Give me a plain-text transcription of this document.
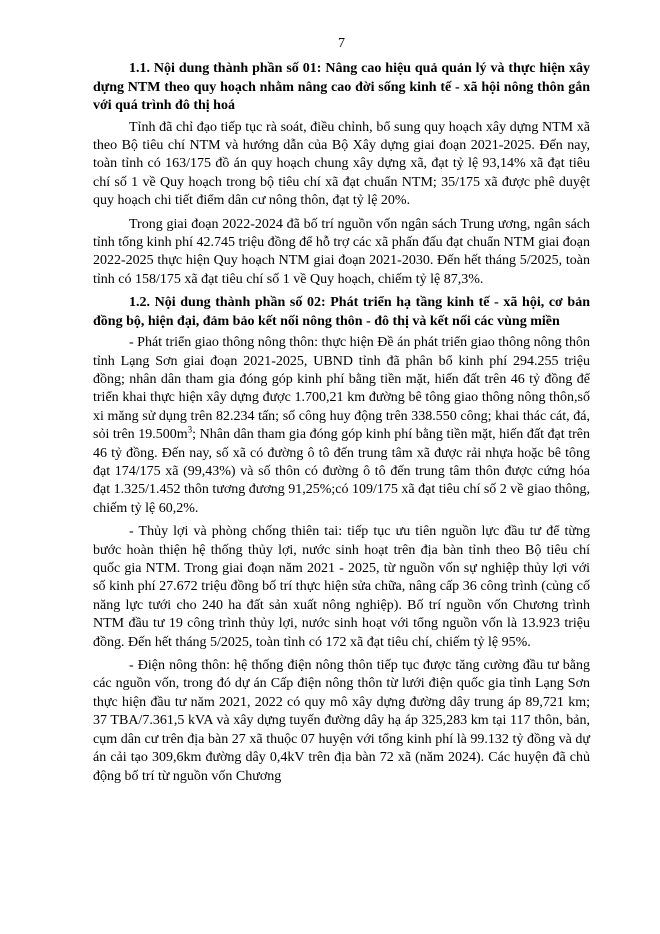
7

1.1. Nội dung thành phần số 01: Nâng cao hiệu quả quản lý và thực hiện xây dựng NTM theo quy hoạch nhằm nâng cao đời sống kinh tế - xã hội nông thôn gắn với quá trình đô thị hoá

Tỉnh đã chỉ đạo tiếp tục rà soát, điều chỉnh, bổ sung quy hoạch xây dựng NTM xã theo Bộ tiêu chí NTM và hướng dẫn của Bộ Xây dựng giai đoạn 2021-2025. Đến nay, toàn tỉnh có 163/175 đồ án quy hoạch chung xây dựng xã, đạt tỷ lệ 93,14% xã đạt tiêu chí số 1 về Quy hoạch trong bộ tiêu chí xã đạt chuẩn NTM; 35/175 xã được phê duyệt quy hoạch chi tiết điểm dân cư nông thôn, đạt tỷ lệ 20%.

Trong giai đoạn 2022-2024 đã bố trí nguồn vốn ngân sách Trung ương, ngân sách tỉnh tổng kinh phí 42.745 triệu đồng để hỗ trợ các xã phấn đấu đạt chuẩn NTM giai đoạn 2022-2025 thực hiện Quy hoạch NTM giai đoạn 2021-2030. Đến hết tháng 5/2025, toàn tỉnh có 158/175 xã đạt tiêu chí số 1 về Quy hoạch, chiếm tỷ lệ 87,3%.

1.2. Nội dung thành phần số 02: Phát triển hạ tầng kinh tế - xã hội, cơ bản đồng bộ, hiện đại, đảm bảo kết nối nông thôn - đô thị và kết nối các vùng miền

- Phát triển giao thông nông thôn: thực hiện Đề án phát triển giao thông nông thôn tỉnh Lạng Sơn giai đoạn 2021-2025, UBND tỉnh đã phân bổ kinh phí 294.255 triệu đồng; nhân dân tham gia đóng góp kinh phí bằng tiền mặt, hiến đất trên 46 tỷ đồng để triển khai thực hiện xây dựng được 1.700,21 km đường bê tông giao thông nông thôn,số xi măng sử dụng trên 82.234 tấn; số công huy động trên 338.550 công; khai thác cát, đá, sỏi trên $19.500m^3$; Nhân dân tham gia đóng góp kinh phí bằng tiền mặt, hiến đất đạt trên 46 tỷ đồng. Đến nay, số xã có đường ô tô đến trung tâm xã được rải nhựa hoặc bê tông đạt 174/175 xã (99,43%) và số thôn có đường ô tô đến trung tâm thôn được cứng hóa đạt 1.325/1.452 thôn tương đương 91,25%;có 109/175 xã đạt tiêu chí số 2 về giao thông, chiếm tỷ lệ 60,2%.

- Thủy lợi và phòng chống thiên tai: tiếp tục ưu tiên nguồn lực đầu tư để từng bước hoàn thiện hệ thống thủy lợi, nước sinh hoạt trên địa bàn tỉnh theo Bộ tiêu chí quốc gia NTM. Trong giai đoạn năm 2021 - 2025, từ nguồn vốn sự nghiệp thủy lợi với số kinh phí 27.672 triệu đồng bố trí thực hiện sửa chữa, nâng cấp 36 công trình (củng cố năng lực tưới cho 240 ha đất sản xuất nông nghiệp). Bố trí nguồn vốn Chương trình NTM đầu tư 19 công trình thủy lợi, nước sinh hoạt với tổng nguồn vốn là 13.923 triệu đồng. Đến hết tháng 5/2025, toàn tỉnh có 172 xã đạt tiêu chí, chiếm tỷ lệ 95%.

- Điện nông thôn: hệ thống điện nông thôn tiếp tục được tăng cường đầu tư bằng các nguồn vốn, trong đó dự án Cấp điện nông thôn từ lưới điện quốc gia tỉnh Lạng Sơn thực hiện đầu tư năm 2021, 2022 có quy mô xây dựng đường dây trung áp 89,721 km; 37 TBA/7.361,5 kVA và xây dựng tuyến đường dây hạ áp 325,283 km tại 117 thôn, bản, cụm dân cư trên địa bàn 27 xã thuộc 07 huyện với tổng kinh phí là 99.132 tỷ đồng và dự án cải tạo 309,6km đường dây 0,4kV trên địa bàn 72 xã (năm 2024). Các huyện đã chủ động bố trí từ nguồn vốn Chương
